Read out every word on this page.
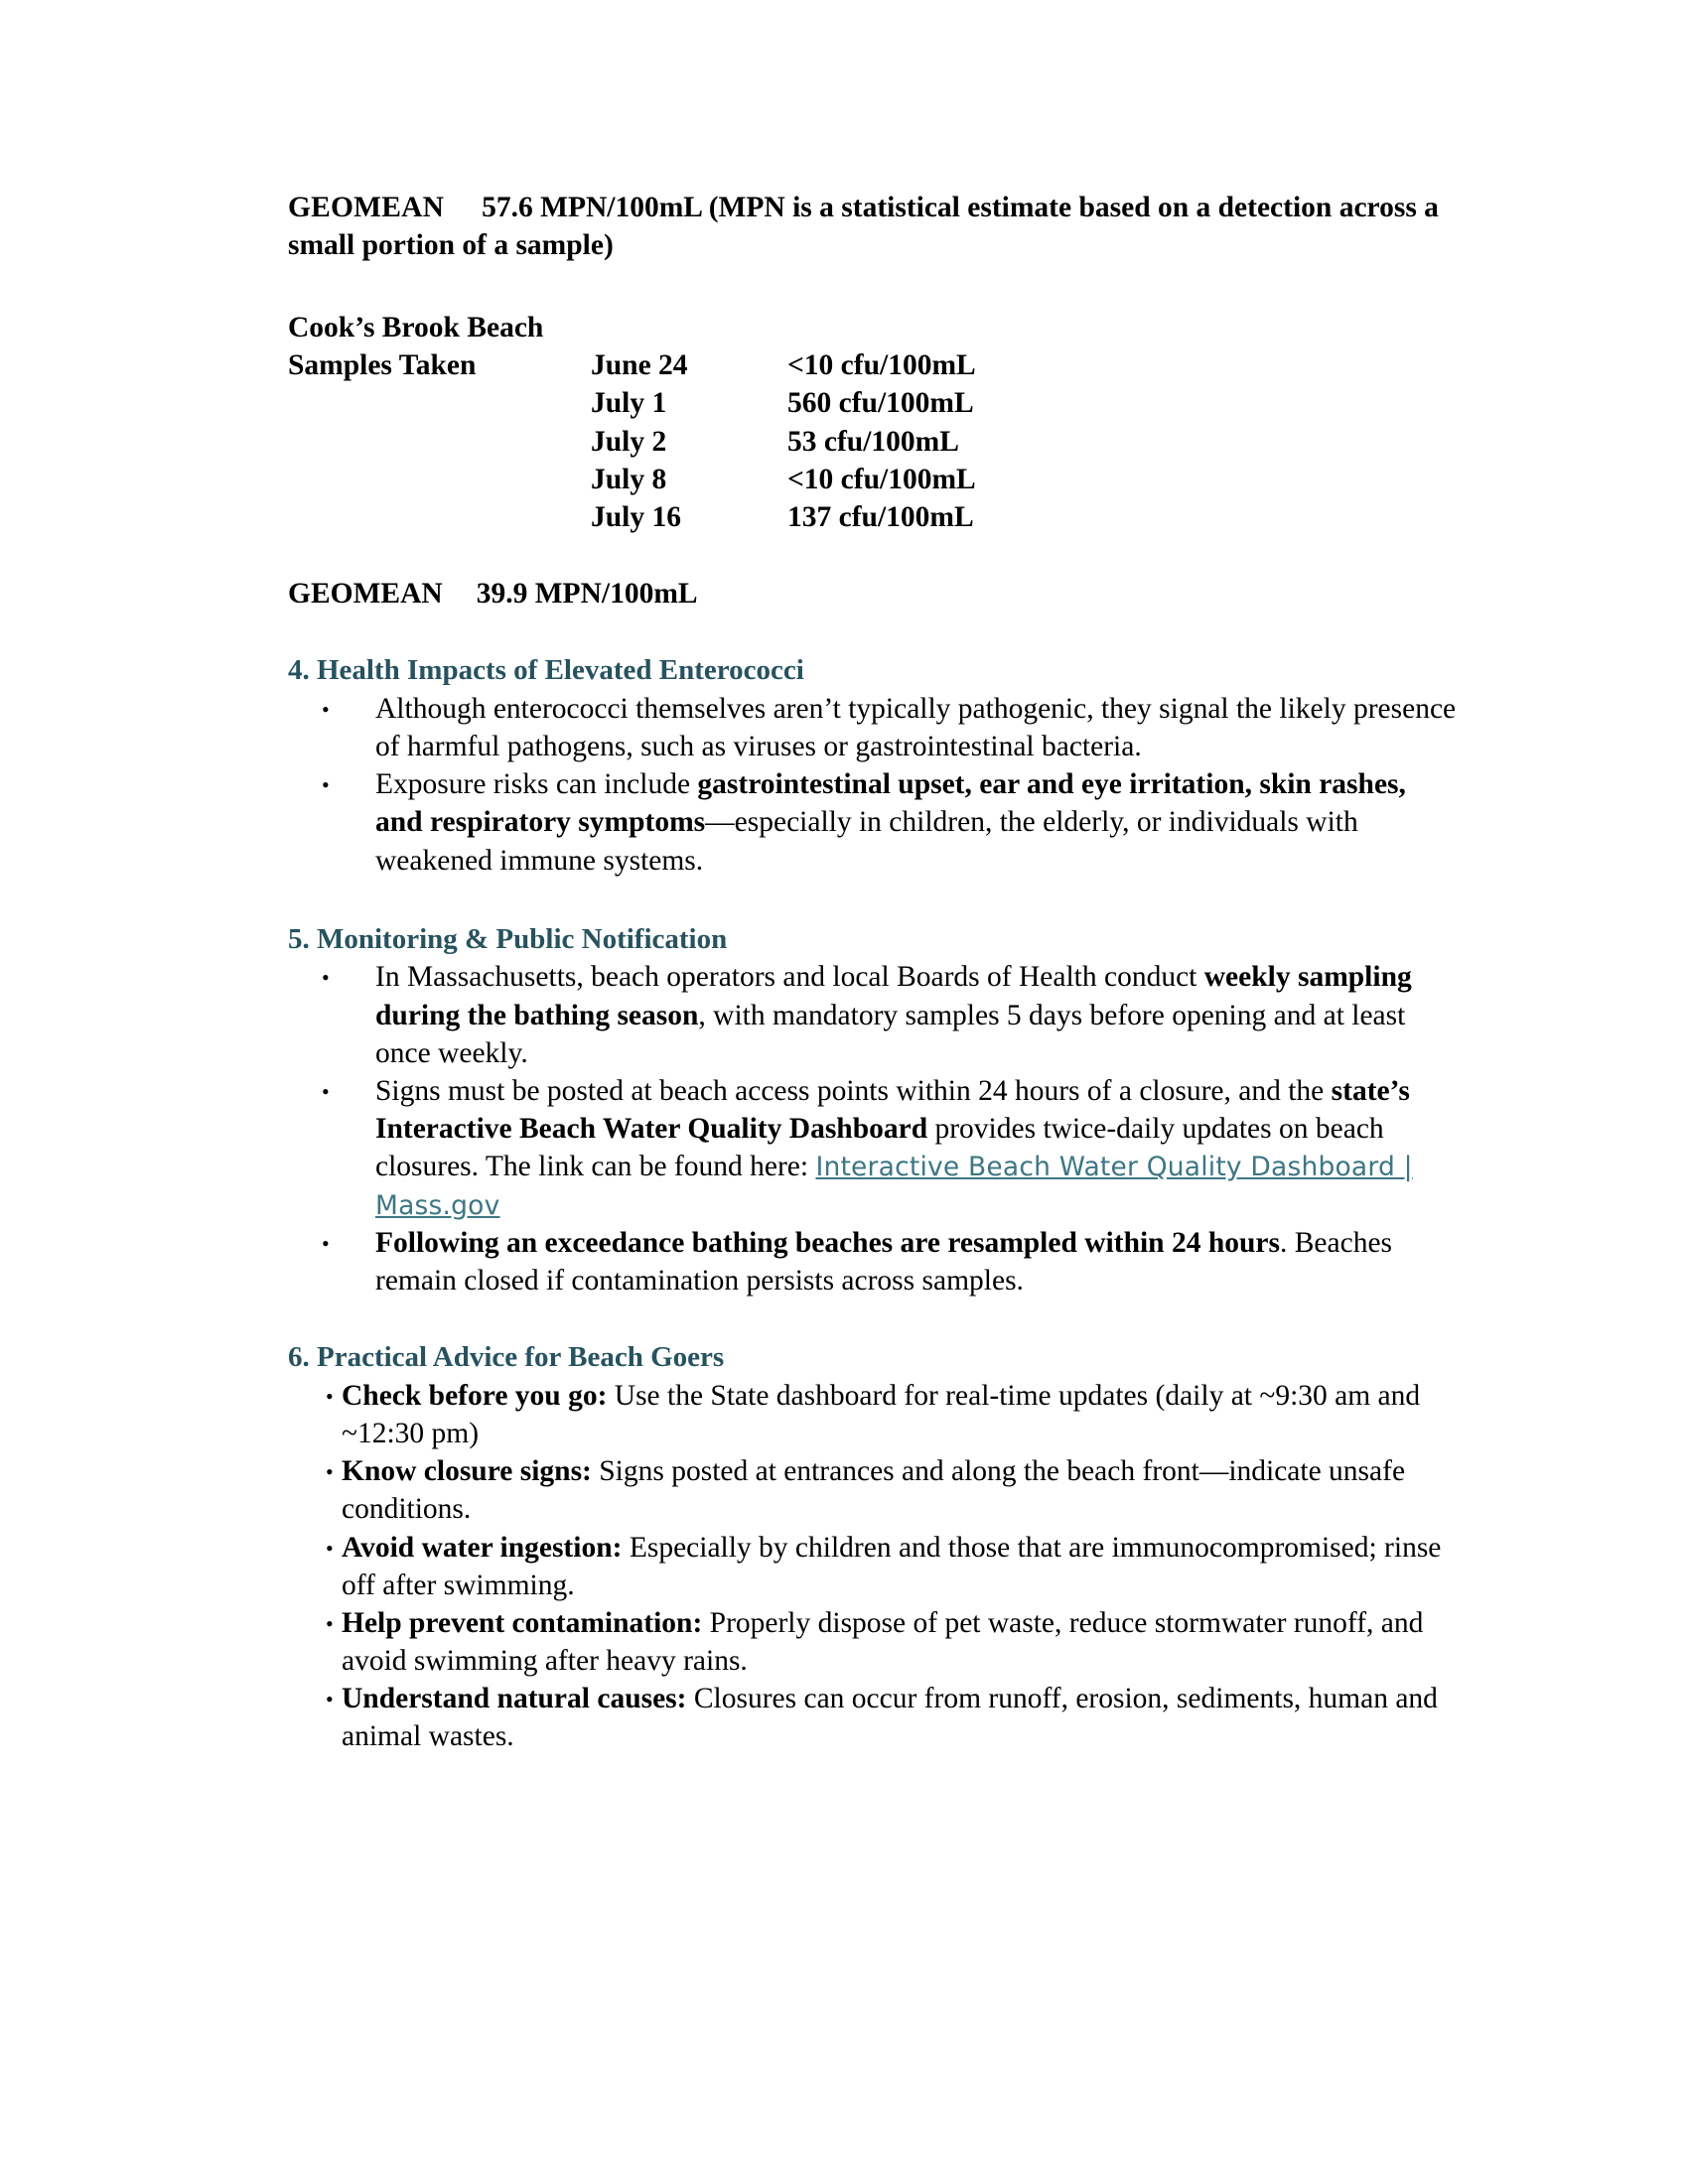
GEOMEAN 57.6 MPN/100mL (MPN is a statistical estimate based on a detection across a small portion of a sample)

Cook’s Brook Beach

Samples Taken	June 24	<10 cfu/100mL
	July 1	560 cfu/100mL
	July 2	53 cfu/100mL
	July 8	<10 cfu/100mL
	July 16	137 cfu/100mL

GEOMEAN 39.9 MPN/100mL

4. Health Impacts of Elevated Enterococci

• Although enterococci themselves aren’t typically pathogenic, they signal the likely presence of harmful pathogens, such as viruses or gastrointestinal bacteria.

• Exposure risks can include gastrointestinal upset, ear and eye irritation, skin rashes, and respiratory symptoms—especially in children, the elderly, or individuals with weakened immune systems.

5. Monitoring & Public Notification

• In Massachusetts, beach operators and local Boards of Health conduct weekly sampling during the bathing season, with mandatory samples 5 days before opening and at least once weekly.

• Signs must be posted at beach access points within 24 hours of a closure, and the state’s Interactive Beach Water Quality Dashboard provides twice-daily updates on beach closures. The link can be found here: Interactive Beach Water Quality Dashboard | Mass.gov

• Following an exceedance bathing beaches are resampled within 24 hours. Beaches remain closed if contamination persists across samples.

6. Practical Advice for Beach Goers

• Check before you go: Use the State dashboard for real-time updates (daily at ~9:30 am and ~12:30 pm)

• Know closure signs: Signs posted at entrances and along the beach front—indicate unsafe conditions.

• Avoid water ingestion: Especially by children and those that are immunocompromised; rinse off after swimming.

• Help prevent contamination: Properly dispose of pet waste, reduce stormwater runoff, and avoid swimming after heavy rains.

• Understand natural causes: Closures can occur from runoff, erosion, sediments, human and animal wastes.
